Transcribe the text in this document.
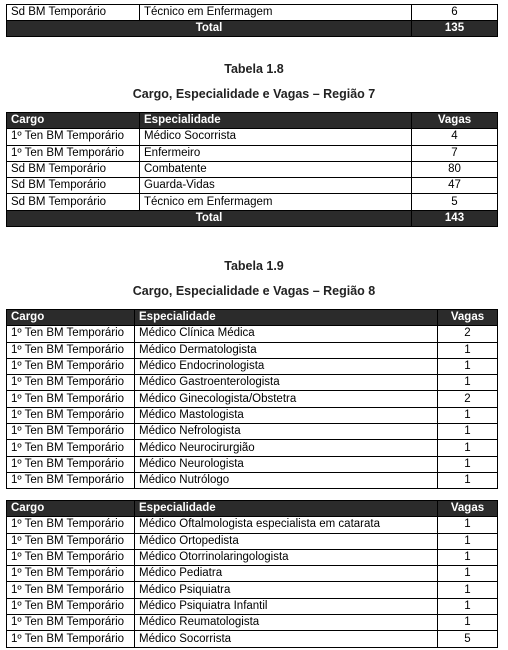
Sd BM Temporário	Técnico em Enfermagem	6
Total		135
Tabela 1.8
Cargo, Especialidade e Vagas – Região 7
Cargo	Especialidade	Vagas
1º Ten BM Temporário	Médico Socorrista	4
1º Ten BM Temporário	Enfermeiro	7
Sd BM Temporário	Combatente	80
Sd BM Temporário	Guarda-Vidas	47
Sd BM Temporário	Técnico em Enfermagem	5
Total		143
Tabela 1.9
Cargo, Especialidade e Vagas – Região 8
Cargo	Especialidade	Vagas
1º Ten BM Temporário	Médico Clínica Médica	2
1º Ten BM Temporário	Médico Dermatologista	1
1º Ten BM Temporário	Médico Endocrinologista	1
1º Ten BM Temporário	Médico Gastroenterologista	1
1º Ten BM Temporário	Médico Ginecologista/Obstetra	2
1º Ten BM Temporário	Médico Mastologista	1
1º Ten BM Temporário	Médico Nefrologista	1
1º Ten BM Temporário	Médico Neurocirurgião	1
1º Ten BM Temporário	Médico Neurologista	1
1º Ten BM Temporário	Médico Nutrólogo	1
Cargo	Especialidade	Vagas
1º Ten BM Temporário	Médico Oftalmologista especialista em catarata	1
1º Ten BM Temporário	Médico Ortopedista	1
1º Ten BM Temporário	Médico Otorrinolaringologista	1
1º Ten BM Temporário	Médico Pediatra	1
1º Ten BM Temporário	Médico Psiquiatra	1
1º Ten BM Temporário	Médico Psiquiatra Infantil	1
1º Ten BM Temporário	Médico Reumatologista	1
1º Ten BM Temporário	Médico Socorrista	5
